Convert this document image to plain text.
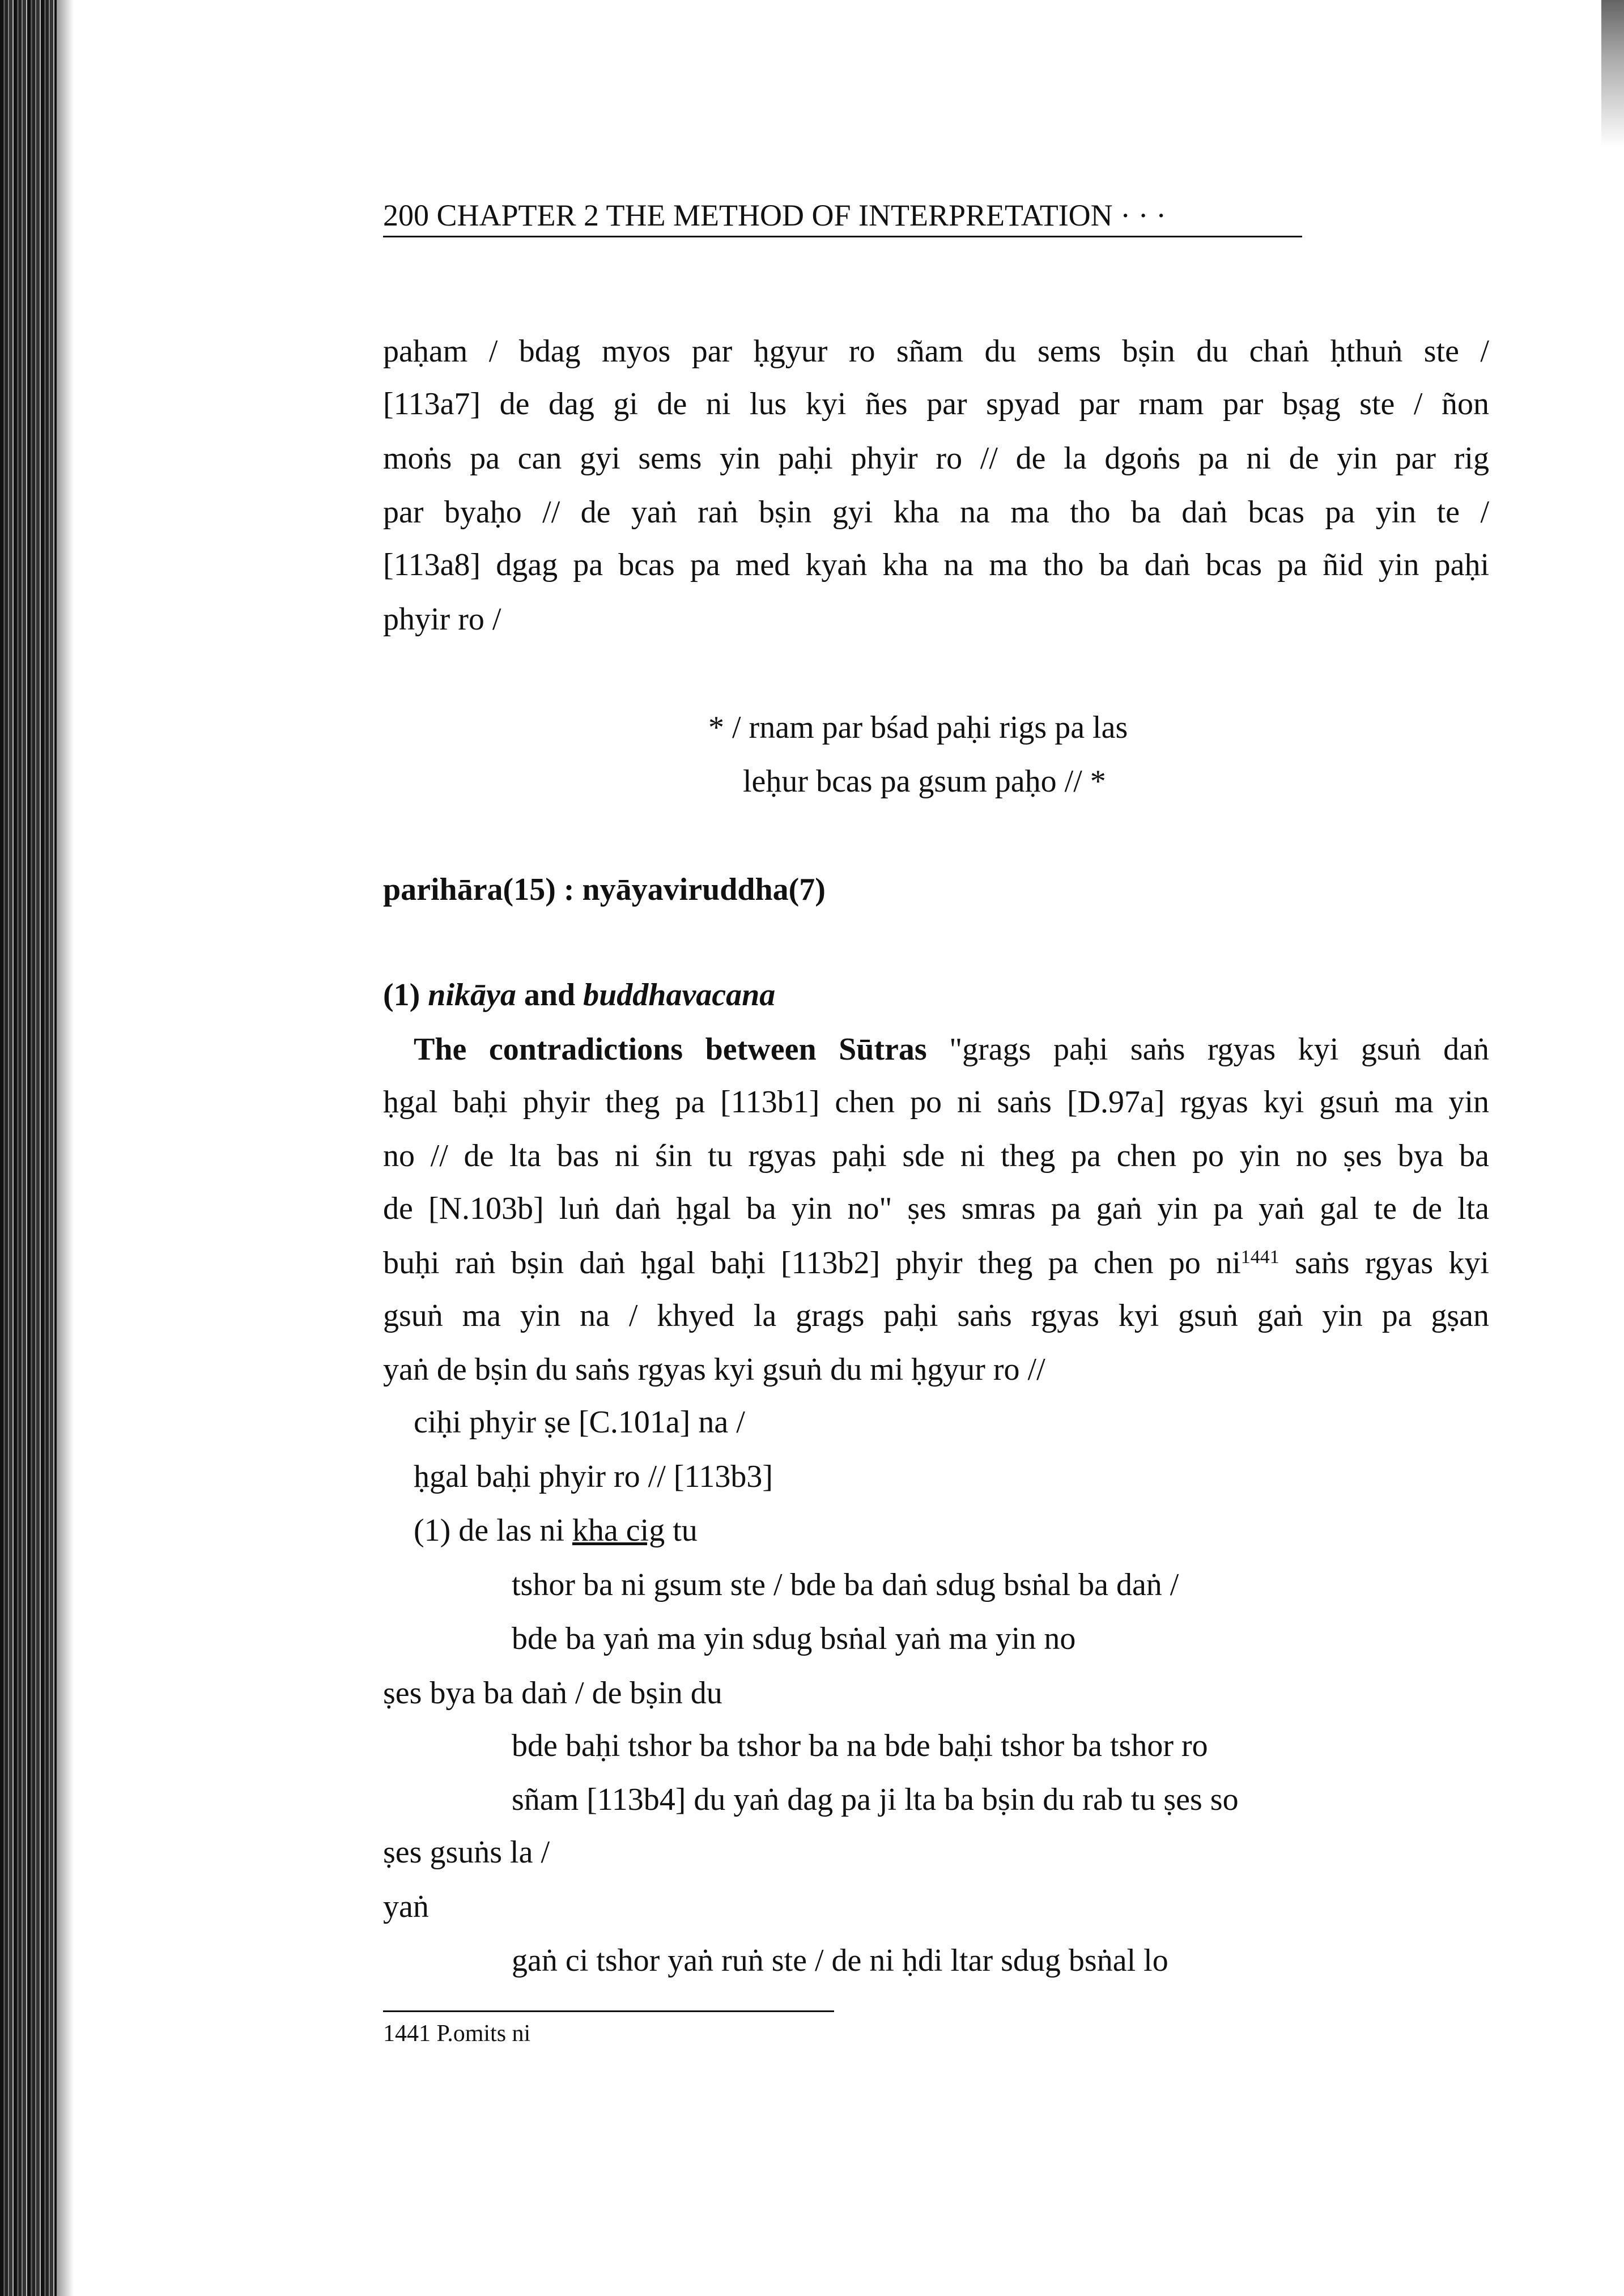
200 CHAPTER 2 THE METHOD OF INTERPRETATION · · ·
paḥam / bdag myos par ḥgyur ro sñam du sems bṣin du chaṅ ḥthuṅ ste /
[113a7] de dag gi de ni lus kyi ñes par spyad par rnam par bṣag ste / ñon
moṅs pa can gyi sems yin paḥi phyir ro // de la dgoṅs pa ni de yin par rig
par byaḥo // de yaṅ raṅ bṣin gyi kha na ma tho ba daṅ bcas pa yin te /
[113a8] dgag pa bcas pa med kyaṅ kha na ma tho ba daṅ bcas pa ñid yin paḥi
phyir ro /
* / rnam par bśad paḥi rigs pa las
leḥur bcas pa gsum paḥo // *
parihāra(15) : nyāyaviruddha(7)
(1) nikāya and buddhavacana
The contradictions between Sūtras "grags paḥi saṅs rgyas kyi gsuṅ daṅ
ḥgal baḥi phyir theg pa [113b1] chen po ni saṅs [D.97a] rgyas kyi gsuṅ ma yin
no // de lta bas ni śin tu rgyas paḥi sde ni theg pa chen po yin no ṣes bya ba
de [N.103b] luṅ daṅ ḥgal ba yin no" ṣes smras pa gaṅ yin pa yaṅ gal te de lta
buḥi raṅ bṣin daṅ ḥgal baḥi [113b2] phyir theg pa chen po $ni^{1441}$ saṅs rgyas kyi
gsuṅ ma yin na / khyed la grags paḥi saṅs rgyas kyi gsuṅ gaṅ yin pa gṣan
yaṅ de bṣin du saṅs rgyas kyi gsuṅ du mi ḥgyur ro //
ciḥi phyir ṣe [C.101a] na /
ḥgal baḥi phyir ro // [113b3]
(1) de las ni kha cig tu
tshor ba ni gsum ste / bde ba daṅ sdug bsṅal ba daṅ /
bde ba yaṅ ma yin sdug bsṅal yaṅ ma yin no
ṣes bya ba daṅ / de bṣin du
bde baḥi tshor ba tshor ba na bde baḥi tshor ba tshor ro
sñam [113b4] du yaṅ dag pa ji lta ba bṣin du rab tu ṣes so
ṣes gsuṅs la /
yaṅ
gaṅ ci tshor yaṅ ruṅ ste / de ni ḥdi ltar sdug bsṅal lo
1441 P.omits ni
